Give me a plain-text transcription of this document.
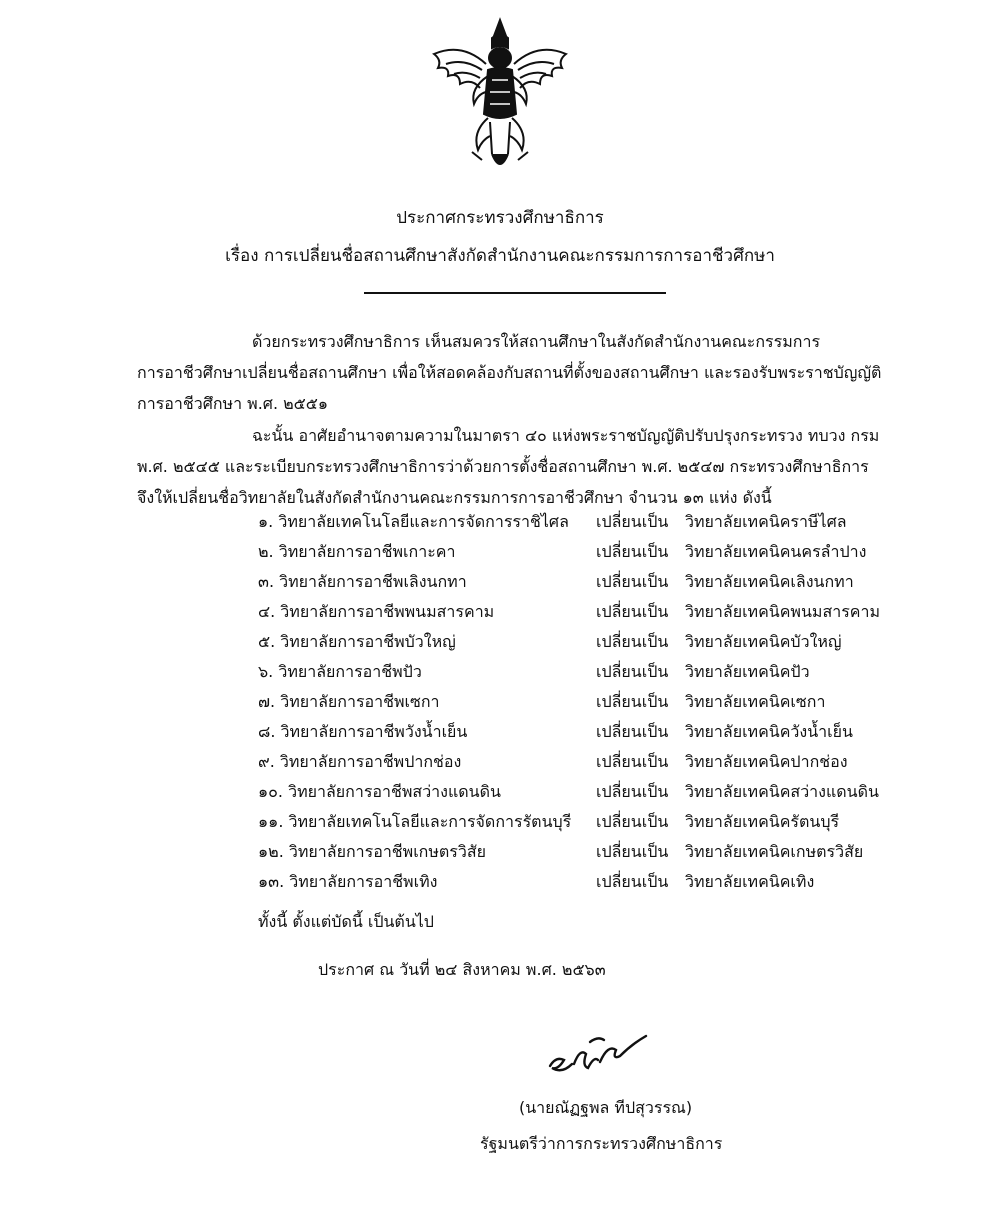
ประกาศกระทรวงศึกษาธิการ
เรื่อง การเปลี่ยนชื่อสถานศึกษาสังกัดสำนักงานคณะกรรมการการอาชีวศึกษา
ด้วยกระทรวงศึกษาธิการ เห็นสมควรให้สถานศึกษาในสังกัดสำนักงานคณะกรรมการ
การอาชีวศึกษาเปลี่ยนชื่อสถานศึกษา เพื่อให้สอดคล้องกับสถานที่ตั้งของสถานศึกษา และรองรับพระราชบัญญัติ
การอาชีวศึกษา พ.ศ. ๒๕๕๑
ฉะนั้น อาศัยอำนาจตามความในมาตรา ๔๐ แห่งพระราชบัญญัติปรับปรุงกระทรวง ทบวง กรม
พ.ศ. ๒๕๔๕ และระเบียบกระทรวงศึกษาธิการว่าด้วยการตั้งชื่อสถานศึกษา พ.ศ. ๒๕๔๗ กระทรวงศึกษาธิการ
จึงให้เปลี่ยนชื่อวิทยาลัยในสังกัดสำนักงานคณะกรรมการการอาชีวศึกษา จำนวน ๑๓ แห่ง ดังนี้
๑. วิทยาลัยเทคโนโลยีและการจัดการราชิไศล เปลี่ยนเป็น วิทยาลัยเทคนิคราษีไศล
๒. วิทยาลัยการอาชีพเกาะคา	เปลี่ยนเป็น วิทยาลัยเทคนิคนครลำปาง
๓. วิทยาลัยการอาชีพเลิงนกทา	เปลี่ยนเป็น วิทยาลัยเทคนิคเลิงนกทา
๔. วิทยาลัยการอาชีพพนมสารคาม	เปลี่ยนเป็น วิทยาลัยเทคนิคพนมสารคาม
๕. วิทยาลัยการอาชีพบัวใหญ่	เปลี่ยนเป็น วิทยาลัยเทคนิคบัวใหญ่
๖. วิทยาลัยการอาชีพปัว	เปลี่ยนเป็น วิทยาลัยเทคนิคปัว
๗. วิทยาลัยการอาชีพเซกา	เปลี่ยนเป็น วิทยาลัยเทคนิคเซกา
๘. วิทยาลัยการอาชีพวังน้ำเย็น	เปลี่ยนเป็น วิทยาลัยเทคนิควังน้ำเย็น
๙. วิทยาลัยการอาชีพปากช่อง	เปลี่ยนเป็น วิทยาลัยเทคนิคปากช่อง
๑๐. วิทยาลัยการอาชีพสว่างแดนดิน	เปลี่ยนเป็น วิทยาลัยเทคนิคสว่างแดนดิน
๑๑. วิทยาลัยเทคโนโลยีและการจัดการรัตนบุรี เปลี่ยนเป็น วิทยาลัยเทคนิครัตนบุรี
๑๒. วิทยาลัยการอาชีพเกษตรวิสัย	เปลี่ยนเป็น วิทยาลัยเทคนิคเกษตรวิสัย
๑๓. วิทยาลัยการอาชีพเทิง	เปลี่ยนเป็น วิทยาลัยเทคนิคเทิง
ทั้งนี้ ตั้งแต่บัดนี้ เป็นต้นไป
ประกาศ ณ วันที่ ๒๔ สิงหาคม พ.ศ. ๒๕๖๓
(นายณัฏฐพล ทีปสุวรรณ)
รัฐมนตรีว่าการกระทรวงศึกษาธิการ
